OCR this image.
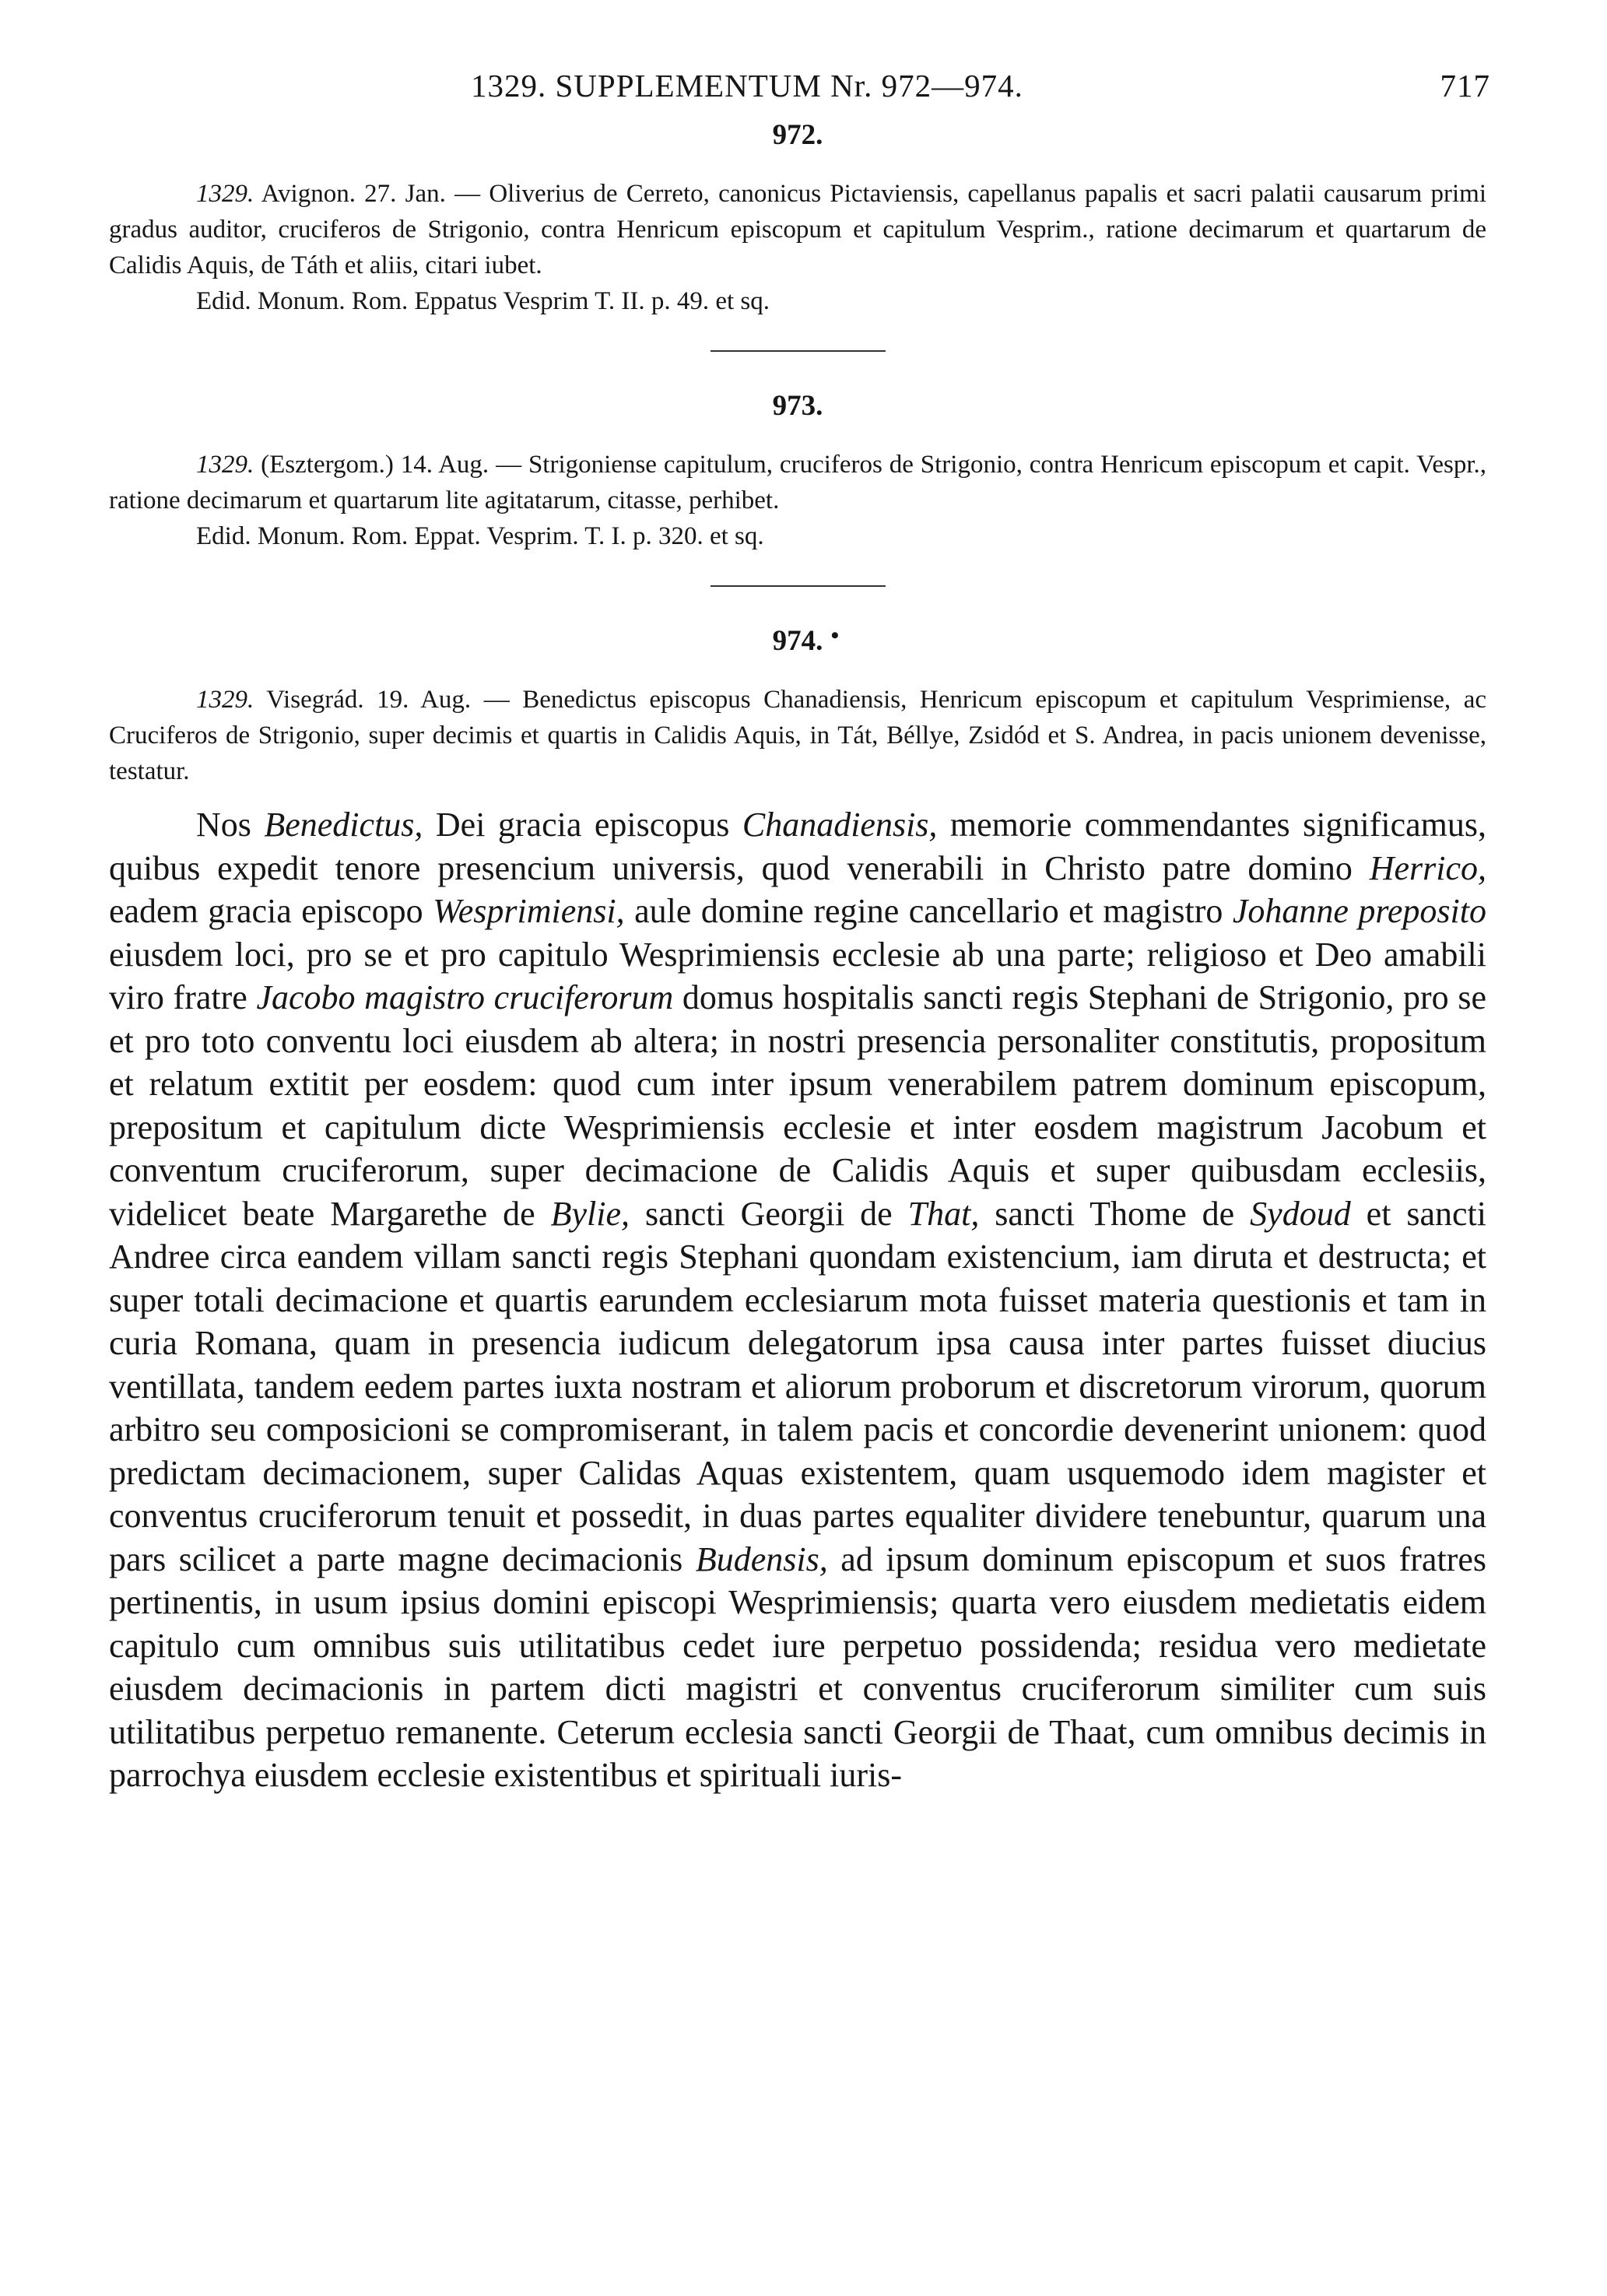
1329. SUPPLEMENTUM Nr. 972—974.	717
972.

1329. Avignon. 27. Jan. — Oliverius de Cerreto, canonicus Pictaviensis, capellanus papalis et sacri palatii causarum primi gradus auditor, cruciferos de Strigonio, contra Henricum episcopum et capitulum Vesprim., ratione decimarum et quartarum de Calidis Aquis, de Táth et aliis, citari iubet.

Edid. Monum. Rom. Eppatus Vesprim T. II. p. 49. et sq.

973.

1329. (Esztergom.) 14. Aug. — Strigoniense capitulum, cruciferos de Strigonio, contra Henricum episcopum et capit. Vespr., ratione decimarum et quartarum lite agitatarum, citasse, perhibet.

Edid. Monum. Rom. Eppat. Vesprim. T. I. p. 320. et sq.

974. •

1329. Visegrád. 19. Aug. — Benedictus episcopus Chanadiensis, Henricum episcopum et capitulum Vesprimiense, ac Cruciferos de Strigonio, super decimis et quartis in Calidis Aquis, in Tát, Béllye, Zsidód et S. Andrea, in pacis unionem devenisse, testatur.

Nos Benedictus, Dei gracia episcopus Chanadiensis, memorie commendantes significamus, quibus expedit tenore presencium universis, quod venerabili in Christo patre domino Herrico, eadem gracia episcopo Wesprimiensi, aule domine regine cancellario et magistro Johanne preposito eiusdem loci, pro se et pro capitulo Wesprimiensis ecclesie ab una parte; religioso et Deo amabili viro fratre Jacobo magistro cruciferorum domus hospitalis sancti regis Stephani de Strigonio, pro se et pro toto conventu loci eiusdem ab altera; in nostri presencia personaliter constitutis, propositum et relatum extitit per eosdem: quod cum inter ipsum venerabilem patrem dominum episcopum, prepositum et capitulum dicte Wesprimiensis ecclesie et inter eosdem magistrum Jacobum et conventum cruciferorum, super decimacione de Calidis Aquis et super quibusdam ecclesiis, videlicet beate Margarethe de Bylie, sancti Georgii de That, sancti Thome de Sydoud et sancti Andree circa eandem villam sancti regis Stephani quondam existencium, iam diruta et destructa; et super totali decimacione et quartis earundem ecclesiarum mota fuisset materia questionis et tam in curia Romana, quam in presencia iudicum delegatorum ipsa causa inter partes fuisset diucius ventillata, tandem eedem partes iuxta nostram et aliorum proborum et discretorum virorum, quorum arbitro seu composicioni se compromiserant, in talem pacis et concordie devenerint unionem: quod predictam decimacionem, super Calidas Aquas existentem, quam usquemodo idem magister et conventus cruciferorum tenuit et possedit, in duas partes equaliter dividere tenebuntur, quarum una pars scilicet a parte magne decimacionis Budensis, ad ipsum dominum episcopum et suos fratres pertinentis, in usum ipsius domini episcopi Wesprimiensis; quarta vero eiusdem medietatis eidem capitulo cum omnibus suis utilitatibus cedet iure perpetuo possidenda; residua vero medietate eiusdem decimacionis in partem dicti magistri et conventus cruciferorum similiter cum suis utilitatibus perpetuo remanente. Ceterum ecclesia sancti Georgii de Thaat, cum omnibus decimis in parrochya eiusdem ecclesie existentibus et spirituali iuris-
